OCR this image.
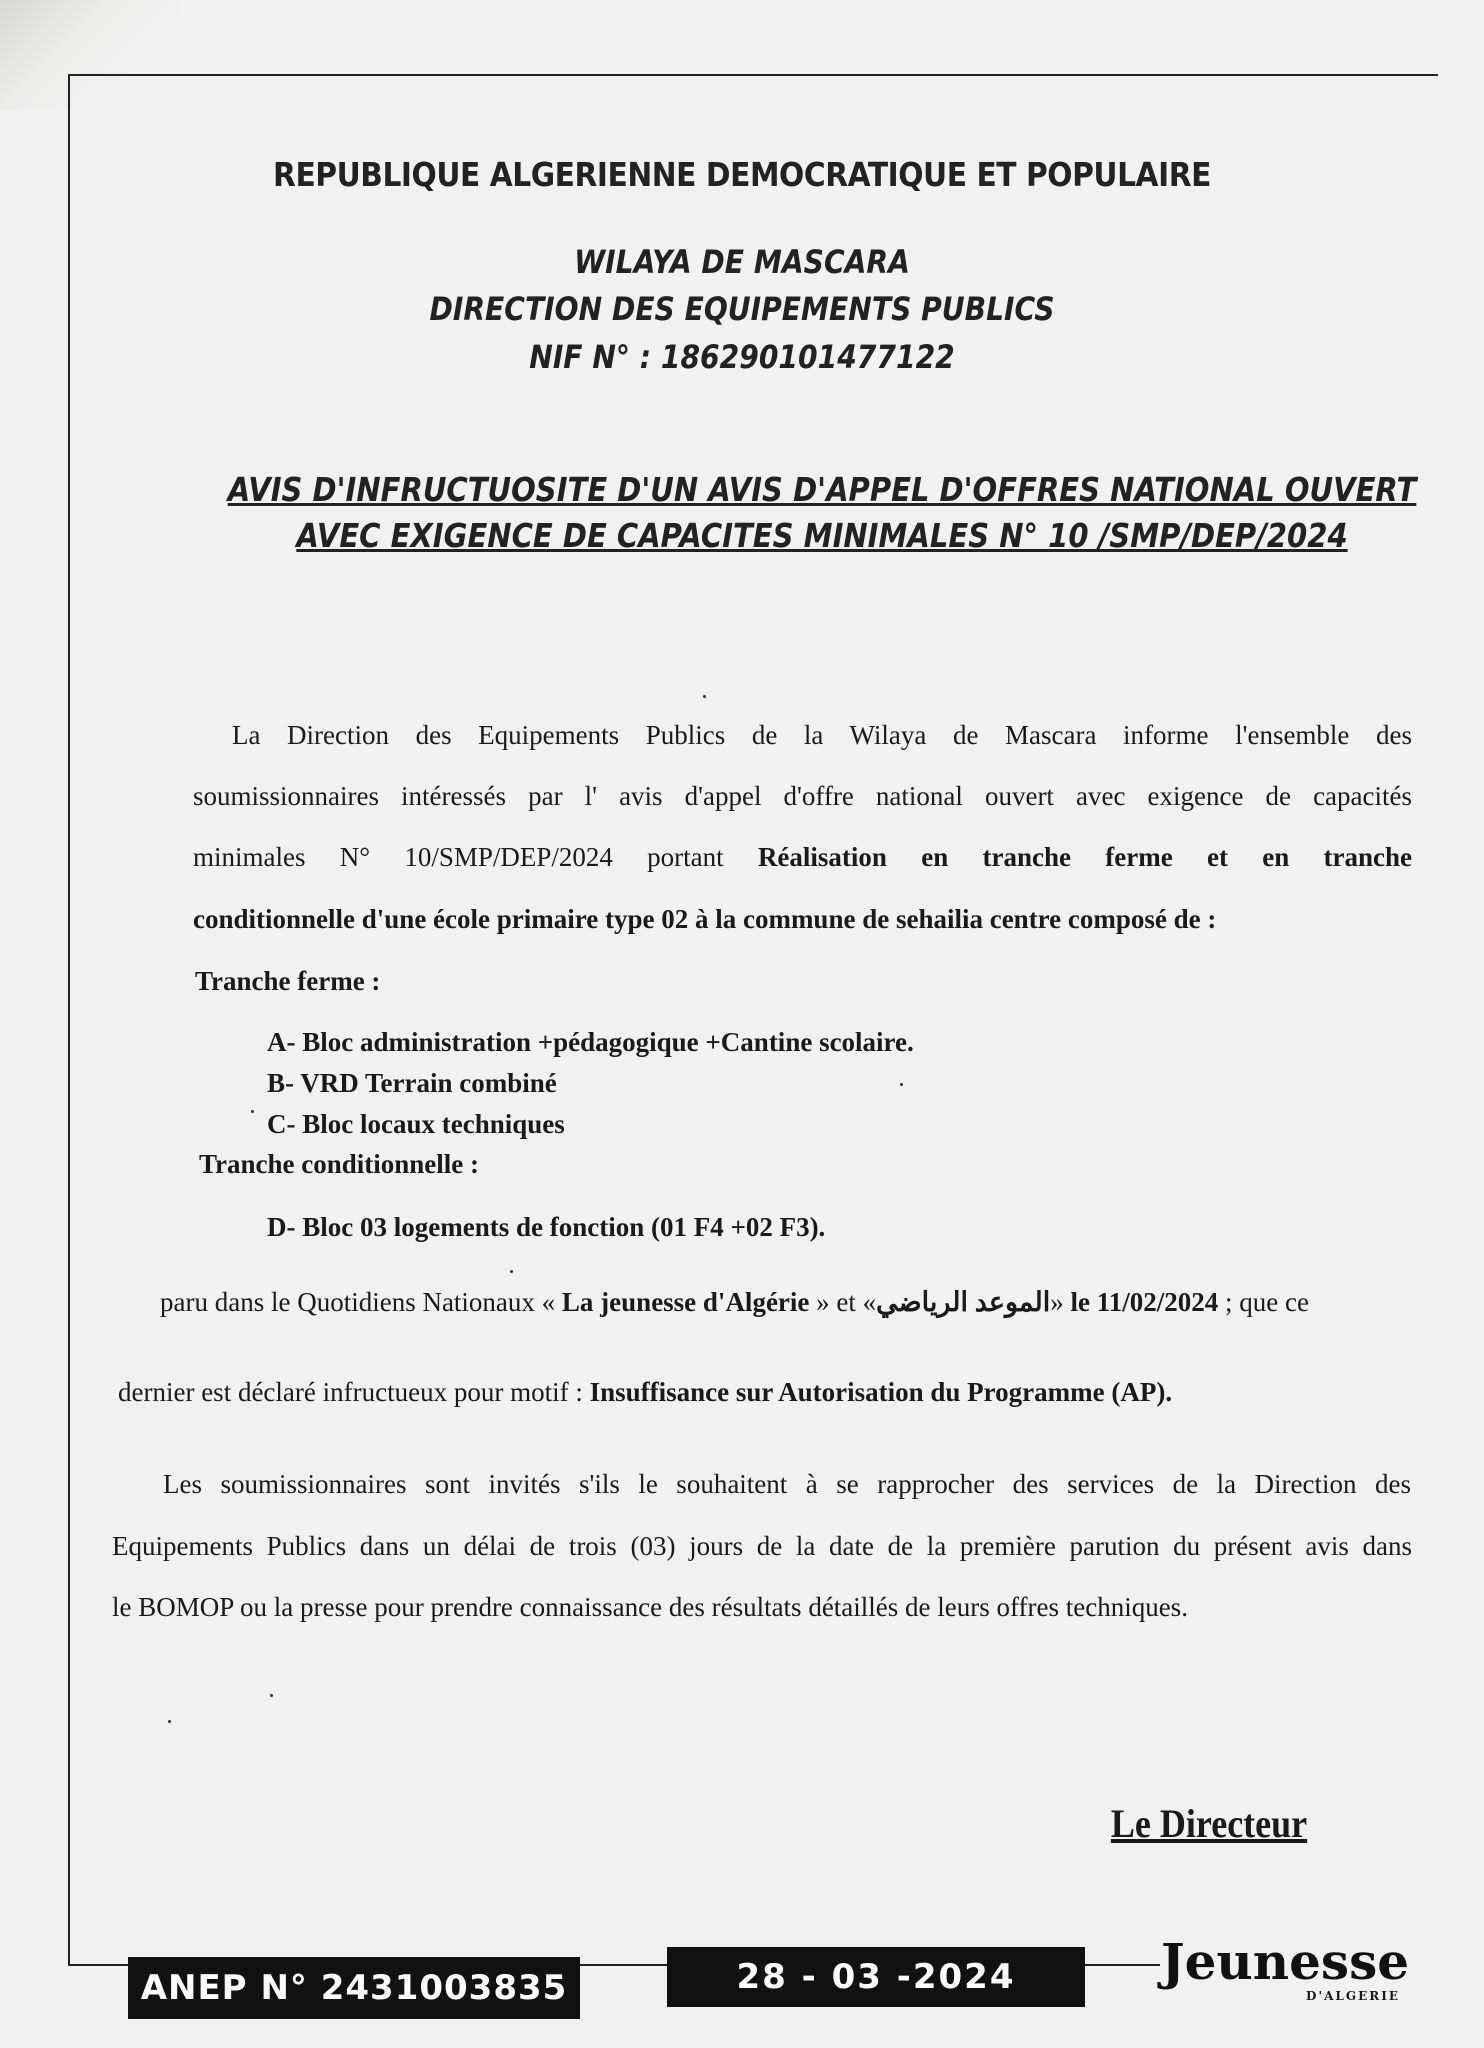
REPUBLIQUE ALGERIENNE DEMOCRATIQUE ET POPULAIRE
WILAYA DE MASCARA
DIRECTION DES EQUIPEMENTS PUBLICS
NIF N° : 186290101477122
AVIS D'INFRUCTUOSITE D'UN AVIS D'APPEL D'OFFRES NATIONAL OUVERT
AVEC EXIGENCE DE CAPACITES MINIMALES N° 10 /SMP/DEP/2024
La Direction des Equipements Publics de la Wilaya de Mascara informe l'ensemble des
soumissionnaires intéressés par l' avis d'appel d'offre national ouvert avec exigence de capacités
minimales N° 10/SMP/DEP/2024 portant Réalisation en tranche ferme et en tranche
conditionnelle d'une école primaire type 02 à la commune de sehailia centre composé de :
Tranche ferme :
A- Bloc administration +pédagogique +Cantine scolaire.
B- VRD Terrain combiné
C- Bloc locaux techniques
Tranche conditionnelle :
D- Bloc 03 logements de fonction (01 F4 +02 F3).
paru dans le Quotidiens Nationaux « La jeunesse d'Algérie » et «الموعد الرياضي» le 11/02/2024 ; que ce
dernier est déclaré infructueux pour motif : Insuffisance sur Autorisation du Programme (AP).
Les soumissionnaires sont invités s'ils le souhaitent à se rapprocher des services de la Direction des
Equipements Publics dans un délai de trois (03) jours de la date de la première parution du présent avis dans
le BOMOP ou la presse pour prendre connaissance des résultats détaillés de leurs offres techniques.
Le Directeur
ANEP N° 2431003835	28 - 03 -2024	Jeunesse
D'ALGERIE
